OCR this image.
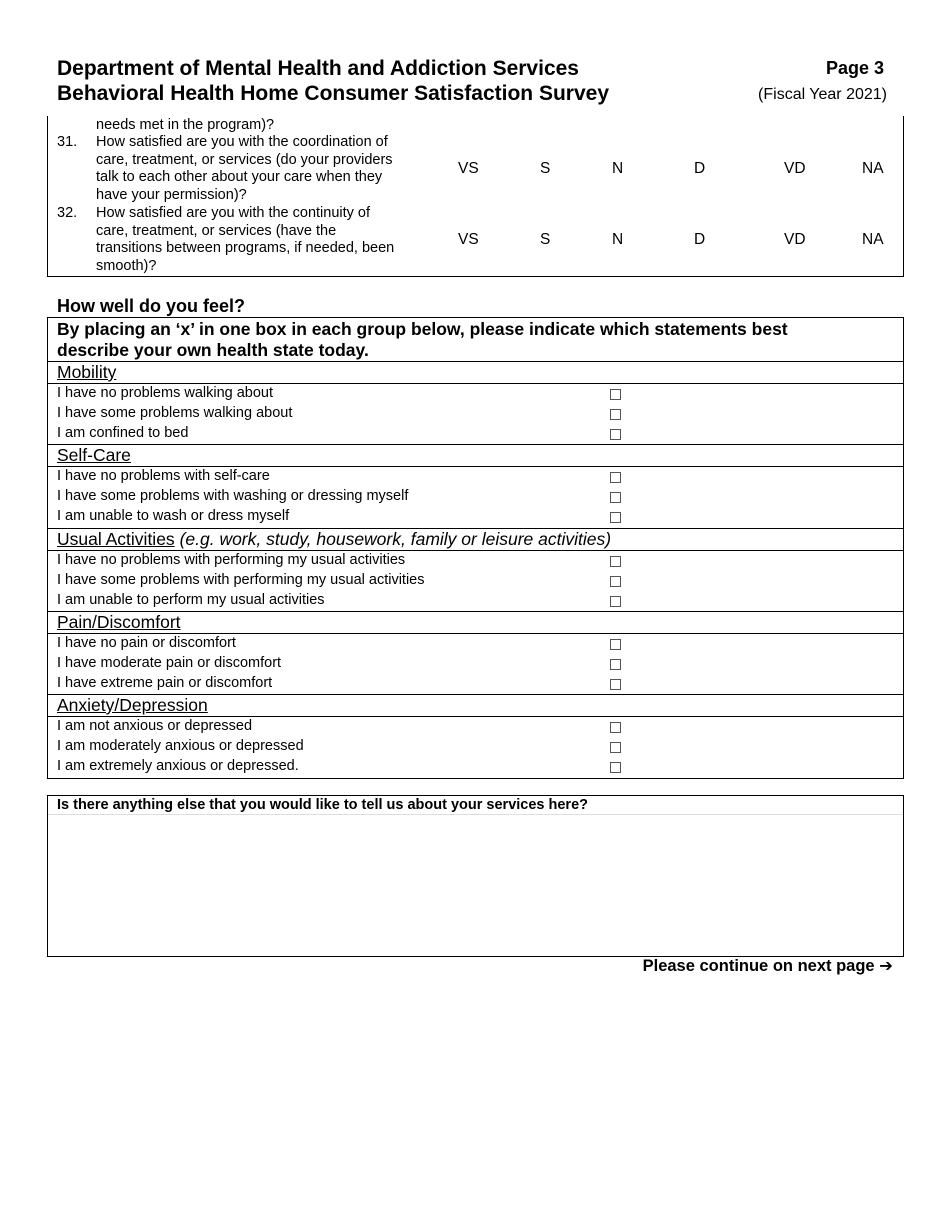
Department of Mental Health and Addiction Services
Behavioral Health Home Consumer Satisfaction Survey
Page 3
(Fiscal Year 2021)
needs met in the program)?
31. How satisfied are you with the coordination of
care, treatment, or services (do your providers
talk to each other about your care when they
have your permission)?
VS	S	N	D	VD	NA
32. How satisfied are you with the continuity of
care, treatment, or services (have the
transitions between programs, if needed, been
smooth)?
VS	S	N	D	VD	NA
How well do you feel?
By placing an ‘x’ in one box in each group below, please indicate which statements best
describe your own health state today.
Mobility
I have no problems walking about
I have some problems walking about
I am confined to bed
Self-Care
I have no problems with self-care
I have some problems with washing or dressing myself
I am unable to wash or dress myself
Usual Activities (e.g. work, study, housework, family or leisure activities)
I have no problems with performing my usual activities
I have some problems with performing my usual activities
I am unable to perform my usual activities
Pain/Discomfort
I have no pain or discomfort
I have moderate pain or discomfort
I have extreme pain or discomfort
Anxiety/Depression
I am not anxious or depressed
I am moderately anxious or depressed
I am extremely anxious or depressed.
Is there anything else that you would like to tell us about your services here?
Please continue on next page ➔
